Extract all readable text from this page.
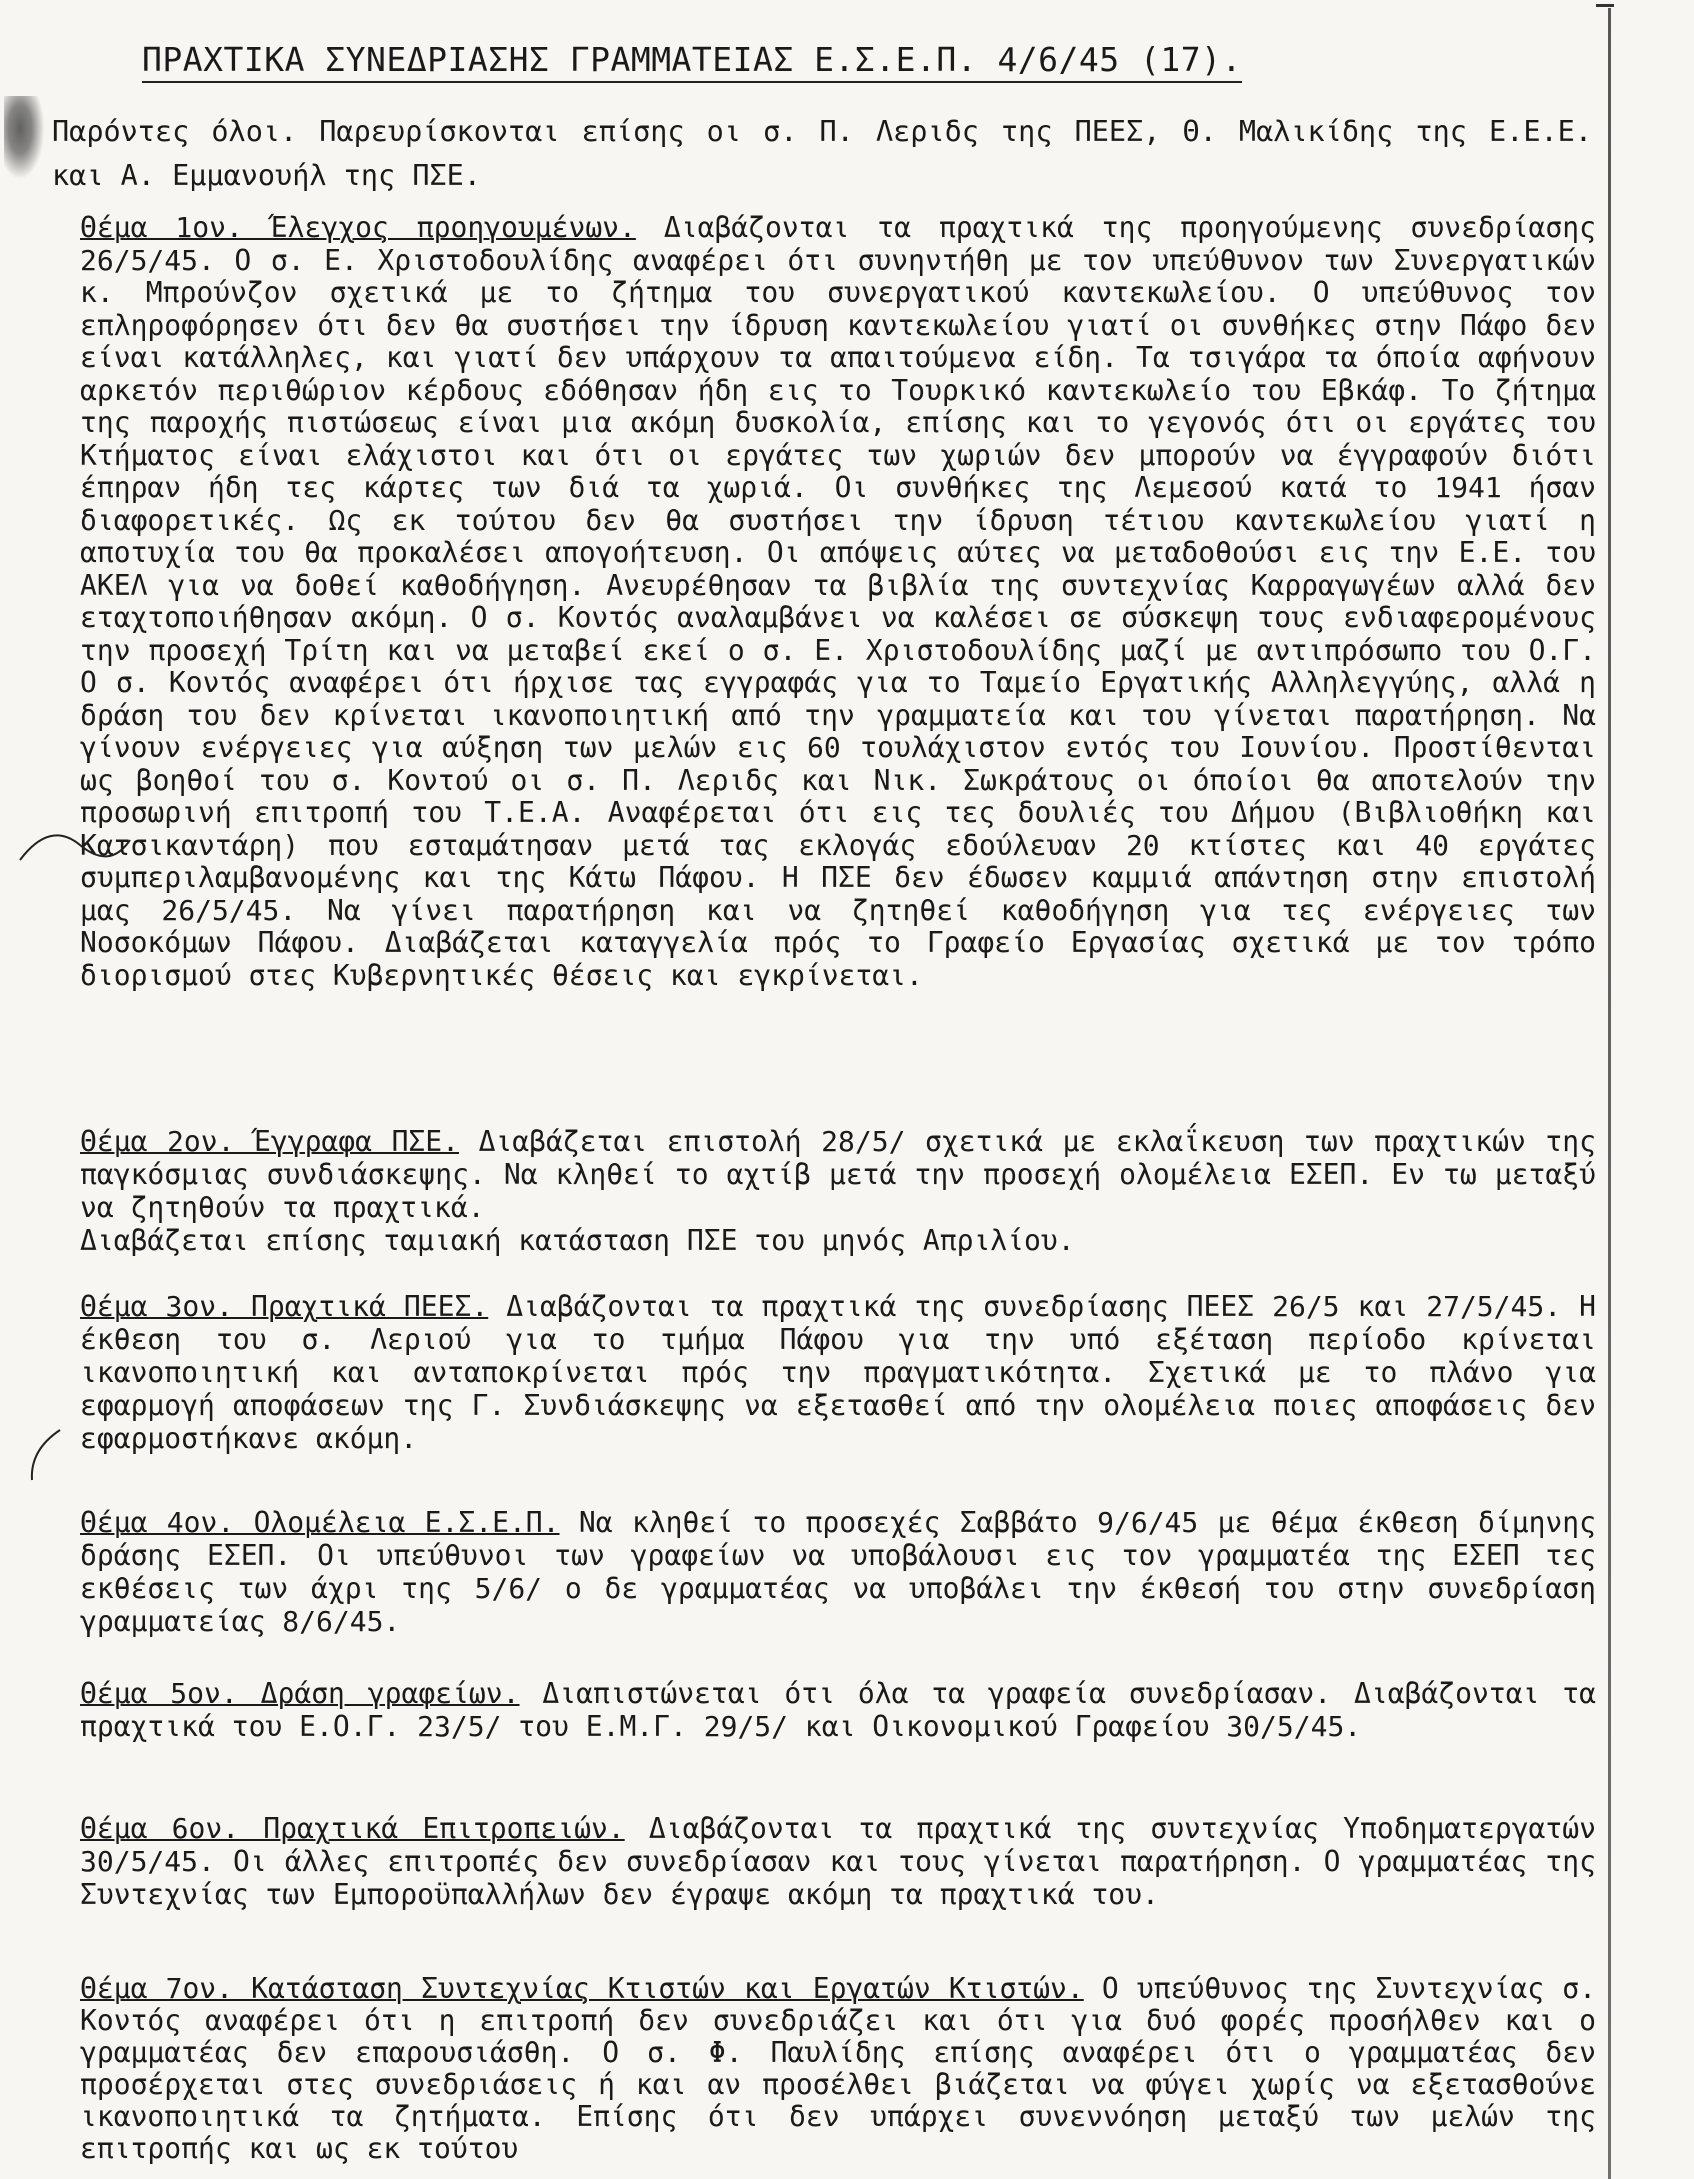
ΠΡΑΧΤΙΚΑ ΣΥΝΕΔΡΙΑΣΗΣ ΓΡΑΜΜΑΤΕΙΑΣ Ε.Σ.Ε.Π. 4/6/45 (17).
Παρόντες όλοι. Παρευρίσκονται επίσης οι σ. Π. Λεριδς της ΠΕΕΣ, Θ. Μαλικίδης της Ε.Ε.Ε. και Α. Εμμανουήλ της ΠΣΕ.
Θέμα 1ον. Έλεγχος προηγουμένων. Διαβάζονται τα πραχτικά της προηγούμενης συνεδρίασης 26/5/45. Ο σ. Ε. Χριστοδουλίδης αναφέρει ότι συνηντήθη με τον υπεύθυνον των Συνεργατικών κ. Μπρούνζον σχετικά με το ζήτημα του συνεργατικού καντεκωλείου. Ο υπεύθυνος τον επληροφόρησεν ότι δεν θα συστήσει την ίδρυση καντεκωλείου γιατί οι συνθήκες στην Πάφο δεν είναι κατάλληλες, και γιατί δεν υπάρχουν τα απαιτούμενα είδη. Τα τσιγάρα τα όποία αφήνουν αρκετόν περιθώριον κέρδους εδόθησαν ήδη εις το Τουρκικό καντεκωλείο του Εβκάφ. Το ζήτημα της παροχής πιστώσεως είναι μια ακόμη δυσκολία, επίσης και το γεγονός ότι οι εργάτες του Κτήματος είναι ελάχιστοι και ότι οι εργάτες των χωριών δεν μπορούν να έγγραφούν διότι έπηραν ήδη τες κάρτες των διά τα χωριά. Οι συνθήκες της Λεμεσού κατά το 1941 ήσαν διαφορετικές. Ως εκ τούτου δεν θα συστήσει την ίδρυση τέτιου καντεκωλείου γιατί η αποτυχία του θα προκαλέσει απογοήτευση. Οι απόψεις αύτες να μεταδοθούσι εις την Ε.Ε. του ΑΚΕΛ για να δοθεί καθοδήγηση. Ανευρέθησαν τα βιβλία της συντεχνίας Καρραγωγέων αλλά δεν εταχτοποιήθησαν ακόμη. Ο σ. Κοντός αναλαμβάνει να καλέσει σε σύσκεψη τους ενδιαφερομένους την προσεχή Τρίτη και να μεταβεί εκεί ο σ. Ε. Χριστοδουλίδης μαζί με αντιπρόσωπο του Ο.Γ. Ο σ. Κοντός αναφέρει ότι ήρχισε τας εγγραφάς για το Ταμείο Εργατικής Αλληλεγγύης, αλλά η δράση του δεν κρίνεται ικανοποιητική από την γραμματεία και του γίνεται παρατήρηση. Να γίνουν ενέργειες για αύξηση των μελών εις 60 τουλάχιστον εντός του Ιουνίου. Προστίθενται ως βοηθοί του σ. Κοντού οι σ. Π. Λεριδς και Νικ. Σωκράτους οι όποίοι θα αποτελούν την προσωρινή επιτροπή του Τ.Ε.Α. Αναφέρεται ότι εις τες δουλιές του Δήμου (Βιβλιοθήκη και Κατσικαντάρη) που εσταμάτησαν μετά τας εκλογάς εδούλευαν 20 κτίστες και 40 εργάτες συμπεριλαμβανομένης και της Κάτω Πάφου. Η ΠΣΕ δεν έδωσεν καμμιά απάντηση στην επιστολή μας 26/5/45. Να γίνει παρατήρηση και να ζητηθεί καθοδήγηση για τες ενέργειες των Νοσοκόμων Πάφου. Διαβάζεται καταγγελία πρός το Γραφείο Εργασίας σχετικά με τον τρόπο διορισμού στες Κυβερνητικές θέσεις και εγκρίνεται.
Θέμα 2ον. Έγγραφα ΠΣΕ. Διαβάζεται επιστολή 28/5/ σχετικά με εκλαΐκευση των πραχτικών της παγκόσμιας συνδιάσκεψης. Να κληθεί το αχτίβ μετά την προσεχή ολομέλεια ΕΣΕΠ. Εν τω μεταξύ να ζητηθούν τα πραχτικά.
Διαβάζεται επίσης ταμιακή κατάσταση ΠΣΕ του μηνός Απριλίου.
Θέμα 3ον. Πραχτικά ΠΕΕΣ. Διαβάζονται τα πραχτικά της συνεδρίασης ΠΕΕΣ 26/5 και 27/5/45. Η έκθεση του σ. Λεριού για το τμήμα Πάφου για την υπό εξέταση περίοδο κρίνεται ικανοποιητική και ανταποκρίνεται πρός την πραγματικότητα. Σχετικά με το πλάνο για εφαρμογή αποφάσεων της Γ. Συνδιάσκεψης να εξετασθεί από την ολομέλεια ποιες αποφάσεις δεν εφαρμοστήκανε ακόμη.
Θέμα 4ον. Ολομέλεια Ε.Σ.Ε.Π. Να κληθεί το προσεχές Σαββάτο 9/6/45 με θέμα έκθεση δίμηνης δράσης ΕΣΕΠ. Οι υπεύθυνοι των γραφείων να υποβάλουσι εις τον γραμματέα της ΕΣΕΠ τες εκθέσεις των άχρι της 5/6/ ο δε γραμματέας να υποβάλει την έκθεσή του στην συνεδρίαση γραμματείας 8/6/45.
Θέμα 5ον. Δράση γραφείων. Διαπιστώνεται ότι όλα τα γραφεία συνεδρίασαν. Διαβάζονται τα πραχτικά του Ε.Ο.Γ. 23/5/ του Ε.Μ.Γ. 29/5/ και Οικονομικού Γραφείου 30/5/45.
Θέμα 6ον. Πραχτικά Επιτροπειών. Διαβάζονται τα πραχτικά της συντεχνίας Υποδηματεργατών 30/5/45. Οι άλλες επιτροπές δεν συνεδρίασαν και τους γίνεται παρατήρηση. Ο γραμματέας της Συντεχνίας των Εμποροϋπαλλήλων δεν έγραψε ακόμη τα πραχτικά του.
Θέμα 7ον. Κατάσταση Συντεχνίας Κτιστών και Εργατών Κτιστών. Ο υπεύθυνος της Συντεχνίας σ. Κοντός αναφέρει ότι η επιτροπή δεν συνεδριάζει και ότι για δυό φορές προσήλθεν και ο γραμματέας δεν επαρουσιάσθη. Ο σ. Φ. Παυλίδης επίσης αναφέρει ότι ο γραμματέας δεν προσέρχεται στες συνεδριάσεις ή και αν προσέλθει βιάζεται να φύγει χωρίς να εξετασθούνε ικανοποιητικά τα ζητήματα. Επίσης ότι δεν υπάρχει συνεννόηση μεταξύ των μελών της επιτροπής και ως εκ τούτου
